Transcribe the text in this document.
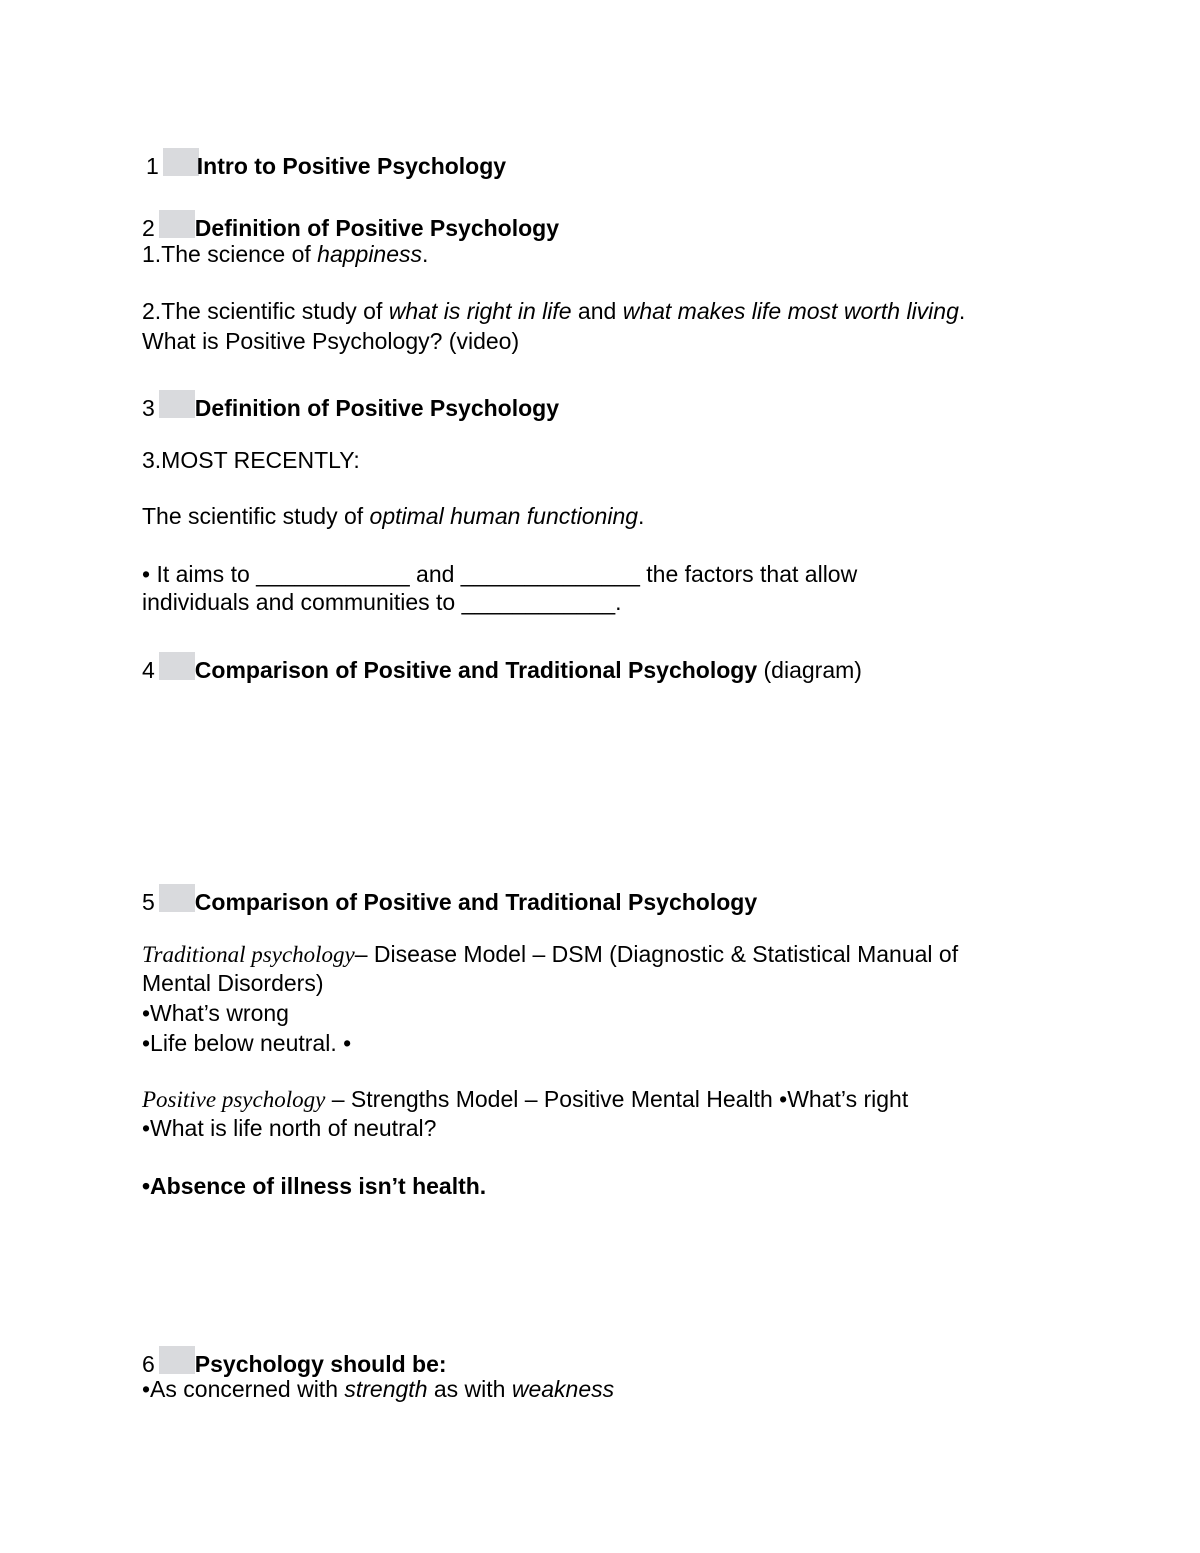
1 Intro to Positive Psychology
2 Definition of Positive Psychology
1.The science of happiness.
2.The scientific study of what is right in life and what makes life most worth living.
What is Positive Psychology? (video)
3 Definition of Positive Psychology
3.MOST RECENTLY:
The scientific study of optimal human functioning.
• It aims to ____________ and ______________ the factors that allow
individuals and communities to ____________.
4 Comparison of Positive and Traditional Psychology (diagram)
5 Comparison of Positive and Traditional Psychology
Traditional psychology– Disease Model – DSM (Diagnostic & Statistical Manual of
Mental Disorders)
•What’s wrong
•Life below neutral. •
Positive psychology – Strengths Model – Positive Mental Health •What’s right
•What is life north of neutral?
•Absence of illness isn’t health.
6 Psychology should be:
•As concerned with strength as with weakness
